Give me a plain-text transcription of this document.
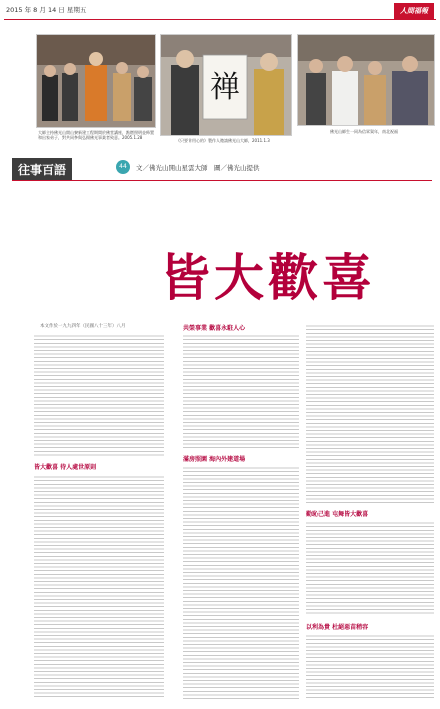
2015 年 8 月 14 日 星期五	人間福報
大師主持佛光山開山寮新建工程期間於佛堂講座，點燃照明並佈置和出家弟子，對共同參與弘揚佛光事業者致意。2005.1.28
禅
《只要肯用心的》製作人邀請佛光山大師，2011.1.3
佛光山師生一同為信眾賀年，南北祝福
往事百語	44	文／佛光山開山星雲大師　圖／佛光山提供
皆大歡喜
本文作於一九九四年（民國八十三年）八月
皆大歡喜 待人處世原則
共榮事業 歡喜永駐人心
滿房照園 海內外建道場
勤恥己進 屯舞皆大歡喜
以利為貴 杜絕惡苗稍容
